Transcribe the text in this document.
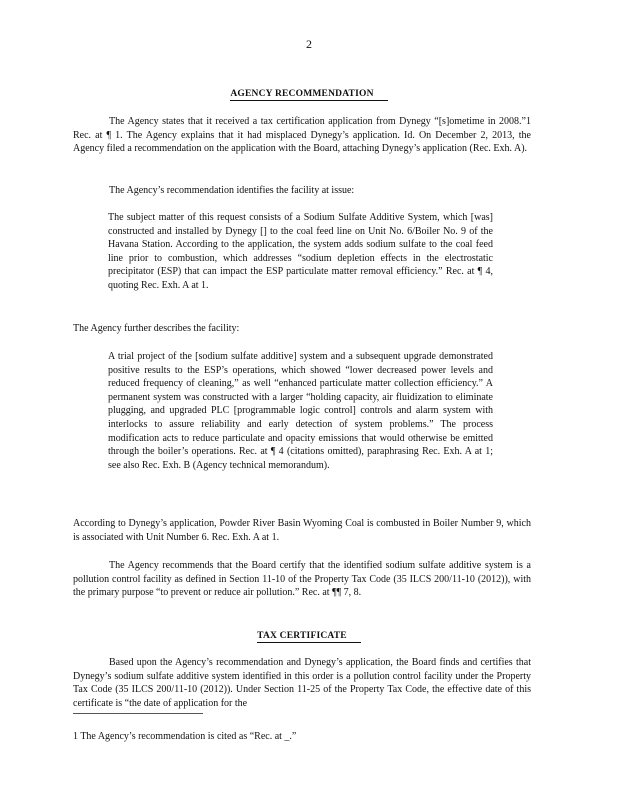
2
AGENCY RECOMMENDATION
The Agency states that it received a tax certification application from Dynegy “[s]ometime in 2008.”1 Rec. at ¶ 1. The Agency explains that it had misplaced Dynegy’s application. Id. On December 2, 2013, the Agency filed a recommendation on the application with the Board, attaching Dynegy’s application (Rec. Exh. A).
The Agency’s recommendation identifies the facility at issue:
The subject matter of this request consists of a Sodium Sulfate Additive System, which [was] constructed and installed by Dynegy [] to the coal feed line on Unit No. 6/Boiler No. 9 of the Havana Station. According to the application, the system adds sodium sulfate to the coal feed line prior to combustion, which addresses “sodium depletion effects in the electrostatic precipitator (ESP) that can impact the ESP particulate matter removal efficiency.” Rec. at ¶ 4, quoting Rec. Exh. A at 1.
The Agency further describes the facility:
A trial project of the [sodium sulfate additive] system and a subsequent upgrade demonstrated positive results to the ESP’s operations, which showed “lower decreased power levels and reduced frequency of cleaning,” as well “enhanced particulate matter collection efficiency.” A permanent system was constructed with a larger “holding capacity, air fluidization to eliminate plugging, and upgraded PLC [programmable logic control] controls and alarm system with interlocks to assure reliability and early detection of system problems.” The process modification acts to reduce particulate and opacity emissions that would otherwise be emitted through the boiler’s operations. Rec. at ¶ 4 (citations omitted), paraphrasing Rec. Exh. A at 1; see also Rec. Exh. B (Agency technical memorandum).
According to Dynegy’s application, Powder River Basin Wyoming Coal is combusted in Boiler Number 9, which is associated with Unit Number 6. Rec. Exh. A at 1.
The Agency recommends that the Board certify that the identified sodium sulfate additive system is a pollution control facility as defined in Section 11-10 of the Property Tax Code (35 ILCS 200/11-10 (2012)), with the primary purpose “to prevent or reduce air pollution.” Rec. at ¶¶ 7, 8.
TAX CERTIFICATE
Based upon the Agency’s recommendation and Dynegy’s application, the Board finds and certifies that Dynegy’s sodium sulfate additive system identified in this order is a pollution control facility under the Property Tax Code (35 ILCS 200/11-10 (2012)). Under Section 11-25 of the Property Tax Code, the effective date of this certificate is “the date of application for the
1 The Agency’s recommendation is cited as “Rec. at _.”
